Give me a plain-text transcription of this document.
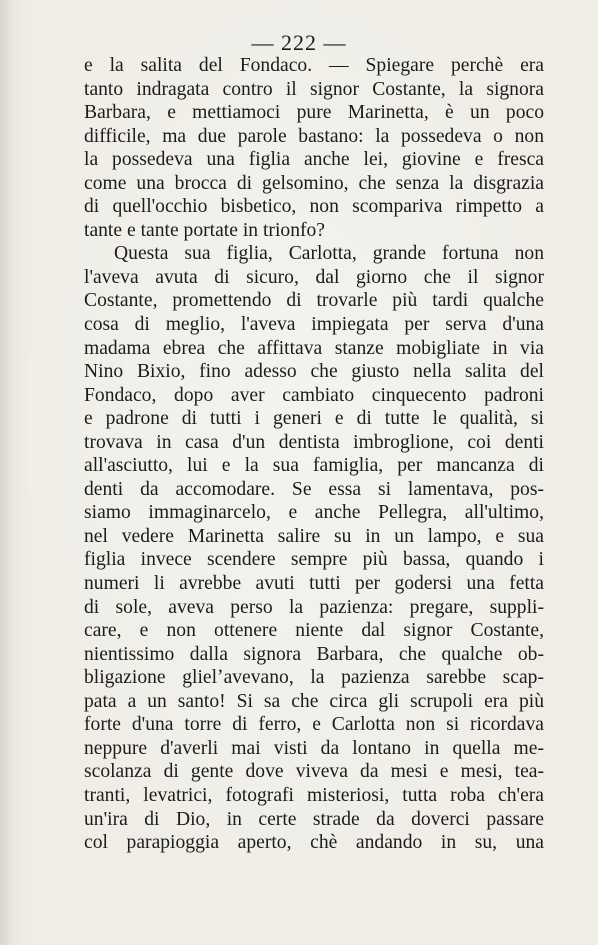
— 222 —
e la salita del Fondaco. — Spiegare perchè era
tanto indragata contro il signor Costante, la signora
Barbara, e mettiamoci pure Marinetta, è un poco
difficile, ma due parole bastano: la possedeva o non
la possedeva una figlia anche lei, giovine e fresca
come una brocca di gelsomino, che senza la disgrazia
di quell'occhio bisbetico, non scompariva rimpetto a
tante e tante portate in trionfo?
Questa sua figlia, Carlotta, grande fortuna non
l'aveva avuta di sicuro, dal giorno che il signor
Costante, promettendo di trovarle più tardi qualche
cosa di meglio, l'aveva impiegata per serva d'una
madama ebrea che affittava stanze mobigliate in via
Nino Bixio, fino adesso che giusto nella salita del
Fondaco, dopo aver cambiato cinquecento padroni
e padrone di tutti i generi e di tutte le qualità, si
trovava in casa d'un dentista imbroglione, coi denti
all'asciutto, lui e la sua famiglia, per mancanza di
denti da accomodare. Se essa si lamentava, pos-
siamo immaginarcelo, e anche Pellegra, all'ultimo,
nel vedere Marinetta salire su in un lampo, e sua
figlia invece scendere sempre più bassa, quando i
numeri li avrebbe avuti tutti per godersi una fetta
di sole, aveva perso la pazienza: pregare, suppli-
care, e non ottenere niente dal signor Costante,
nientissimo dalla signora Barbara, che qualche ob-
bligazione glielʼavevano, la pazienza sarebbe scap-
pata a un santo! Si sa che circa gli scrupoli era più
forte d'una torre di ferro, e Carlotta non si ricordava
neppure d'averli mai visti da lontano in quella me-
scolanza di gente dove viveva da mesi e mesi, tea-
tranti, levatrici, fotografi misteriosi, tutta roba ch'era
un'ira di Dio, in certe strade da doverci passare
col parapioggia aperto, chè andando in su, una
